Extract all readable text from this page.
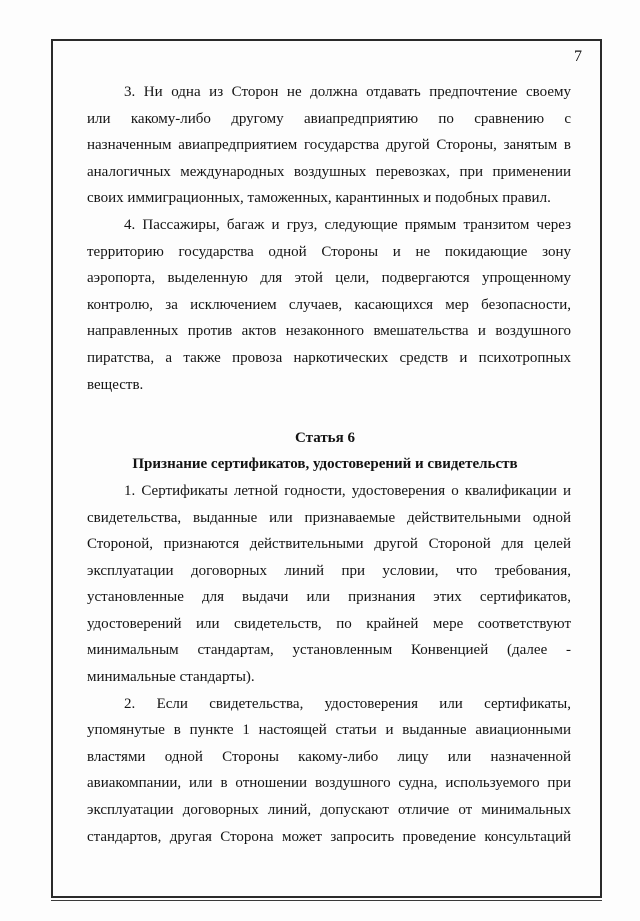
7
3. Ни одна из Сторон не должна отдавать предпочтение своему
или какому-либо другому авиапредприятию по сравнению с
назначенным авиапредприятием государства другой Стороны, занятым в
аналогичных международных воздушных перевозках, при применении
своих иммиграционных, таможенных, карантинных и подобных правил.
4. Пассажиры, багаж и груз, следующие прямым транзитом через
территорию государства одной Стороны и не покидающие зону
аэропорта, выделенную для этой цели, подвергаются упрощенному
контролю, за исключением случаев, касающихся мер безопасности,
направленных против актов незаконного вмешательства и воздушного
пиратства, а также провоза наркотических средств и психотропных
веществ.
Статья 6
Признание сертификатов, удостоверений и свидетельств
1. Сертификаты летной годности, удостоверения о квалификации и
свидетельства, выданные или признаваемые действительными одной
Стороной, признаются действительными другой Стороной для целей
эксплуатации договорных линий при условии, что требования,
установленные для выдачи или признания этих сертификатов,
удостоверений или свидетельств, по крайней мере соответствуют
минимальным стандартам, установленным Конвенцией (далее -
минимальные стандарты).
2. Если свидетельства, удостоверения или сертификаты,
упомянутые в пункте 1 настоящей статьи и выданные авиационными
властями одной Стороны какому-либо лицу или назначенной
авиакомпании, или в отношении воздушного судна, используемого при
эксплуатации договорных линий, допускают отличие от минимальных
стандартов, другая Сторона может запросить проведение консультаций
